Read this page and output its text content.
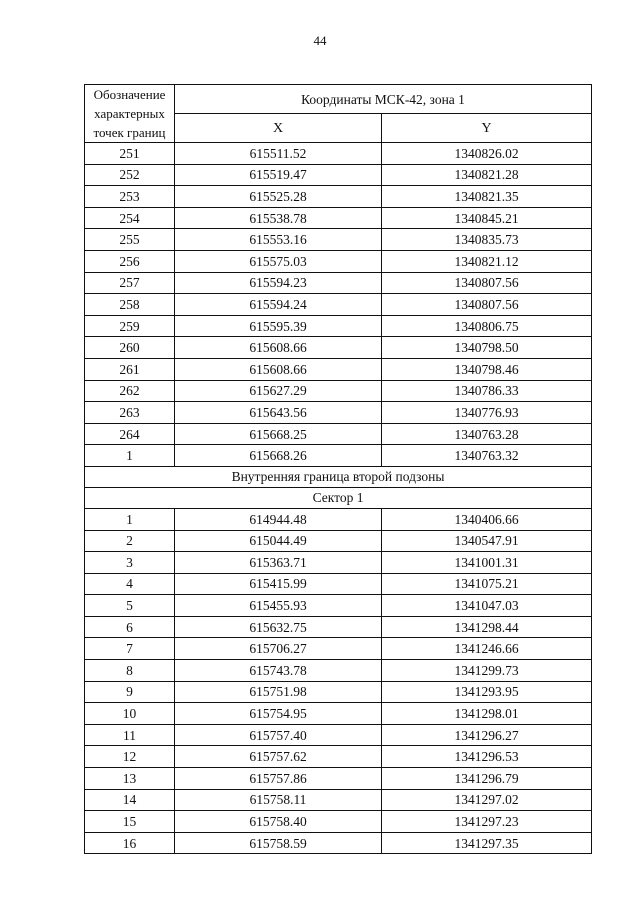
44
Обозначение характерных точек границ	Координаты МСК-42, зона 1	
	X	Y
251	615511.52	1340826.02
252	615519.47	1340821.28
253	615525.28	1340821.35
254	615538.78	1340845.21
255	615553.16	1340835.73
256	615575.03	1340821.12
257	615594.23	1340807.56
258	615594.24	1340807.56
259	615595.39	1340806.75
260	615608.66	1340798.50
261	615608.66	1340798.46
262	615627.29	1340786.33
263	615643.56	1340776.93
264	615668.25	1340763.28
1	615668.26	1340763.32
Внутренняя граница второй подзоны		
Сектор 1		
1	614944.48	1340406.66
2	615044.49	1340547.91
3	615363.71	1341001.31
4	615415.99	1341075.21
5	615455.93	1341047.03
6	615632.75	1341298.44
7	615706.27	1341246.66
8	615743.78	1341299.73
9	615751.98	1341293.95
10	615754.95	1341298.01
11	615757.40	1341296.27
12	615757.62	1341296.53
13	615757.86	1341296.79
14	615758.11	1341297.02
15	615758.40	1341297.23
16	615758.59	1341297.35
